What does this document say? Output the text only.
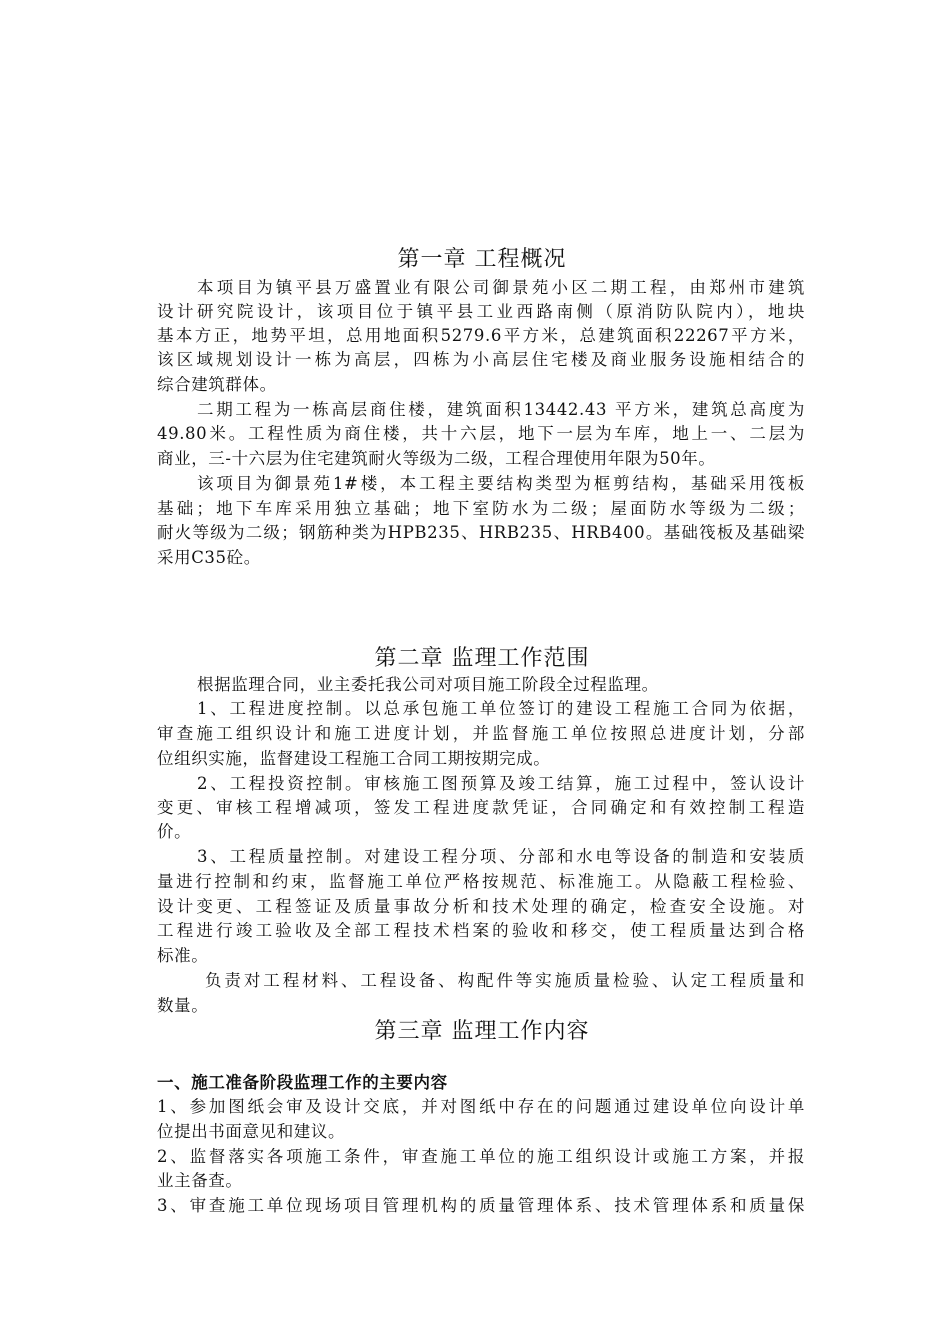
第一章 工程概况

本项目为镇平县万盛置业有限公司御景苑小区二期工程，由郑州市建筑

设计研究院设计，该项目位于镇平县工业西路南侧（原消防队院内），地块

基本方正，地势平坦，总用地面积5279.6平方米，总建筑面积22267平方米，

该区域规划设计一栋为高层，四栋为小高层住宅楼及商业服务设施相结合的

综合建筑群体。

二期工程为一栋高层商住楼，建筑面积13442.43 平方米，建筑总高度为

49.80米。工程性质为商住楼，共十六层，地下一层为车库，地上一、二层为

商业，三-十六层为住宅建筑耐火等级为二级，工程合理使用年限为50年。

该项目为御景苑1#楼，本工程主要结构类型为框剪结构，基础采用筏板

基础；地下车库采用独立基础；地下室防水为二级；屋面防水等级为二级；

耐火等级为二级；钢筋种类为HPB235、HRB235、HRB400。基础筏板及基础梁

采用C35砼。

第二章 监理工作范围

根据监理合同，业主委托我公司对项目施工阶段全过程监理。

1、工程进度控制。以总承包施工单位签订的建设工程施工合同为依据，

审查施工组织设计和施工进度计划，并监督施工单位按照总进度计划，分部

位组织实施，监督建设工程施工合同工期按期完成。

2、工程投资控制。审核施工图预算及竣工结算，施工过程中，签认设计

变更、审核工程增减项，签发工程进度款凭证，合同确定和有效控制工程造

价。

3、工程质量控制。对建设工程分项、分部和水电等设备的制造和安装质

量进行控制和约束，监督施工单位严格按规范、标准施工。从隐蔽工程检验、

设计变更、工程签证及质量事故分析和技术处理的确定，检查安全设施。对

工程进行竣工验收及全部工程技术档案的验收和移交，使工程质量达到合格

标准。

负责对工程材料、工程设备、构配件等实施质量检验、认定工程质量和

数量。

第三章 监理工作内容

一、施工准备阶段监理工作的主要内容

1、参加图纸会审及设计交底，并对图纸中存在的问题通过建设单位向设计单

位提出书面意见和建议。

2、监督落实各项施工条件，审查施工单位的施工组织设计或施工方案，并报

业主备查。

3、审查施工单位现场项目管理机构的质量管理体系、技术管理体系和质量保
